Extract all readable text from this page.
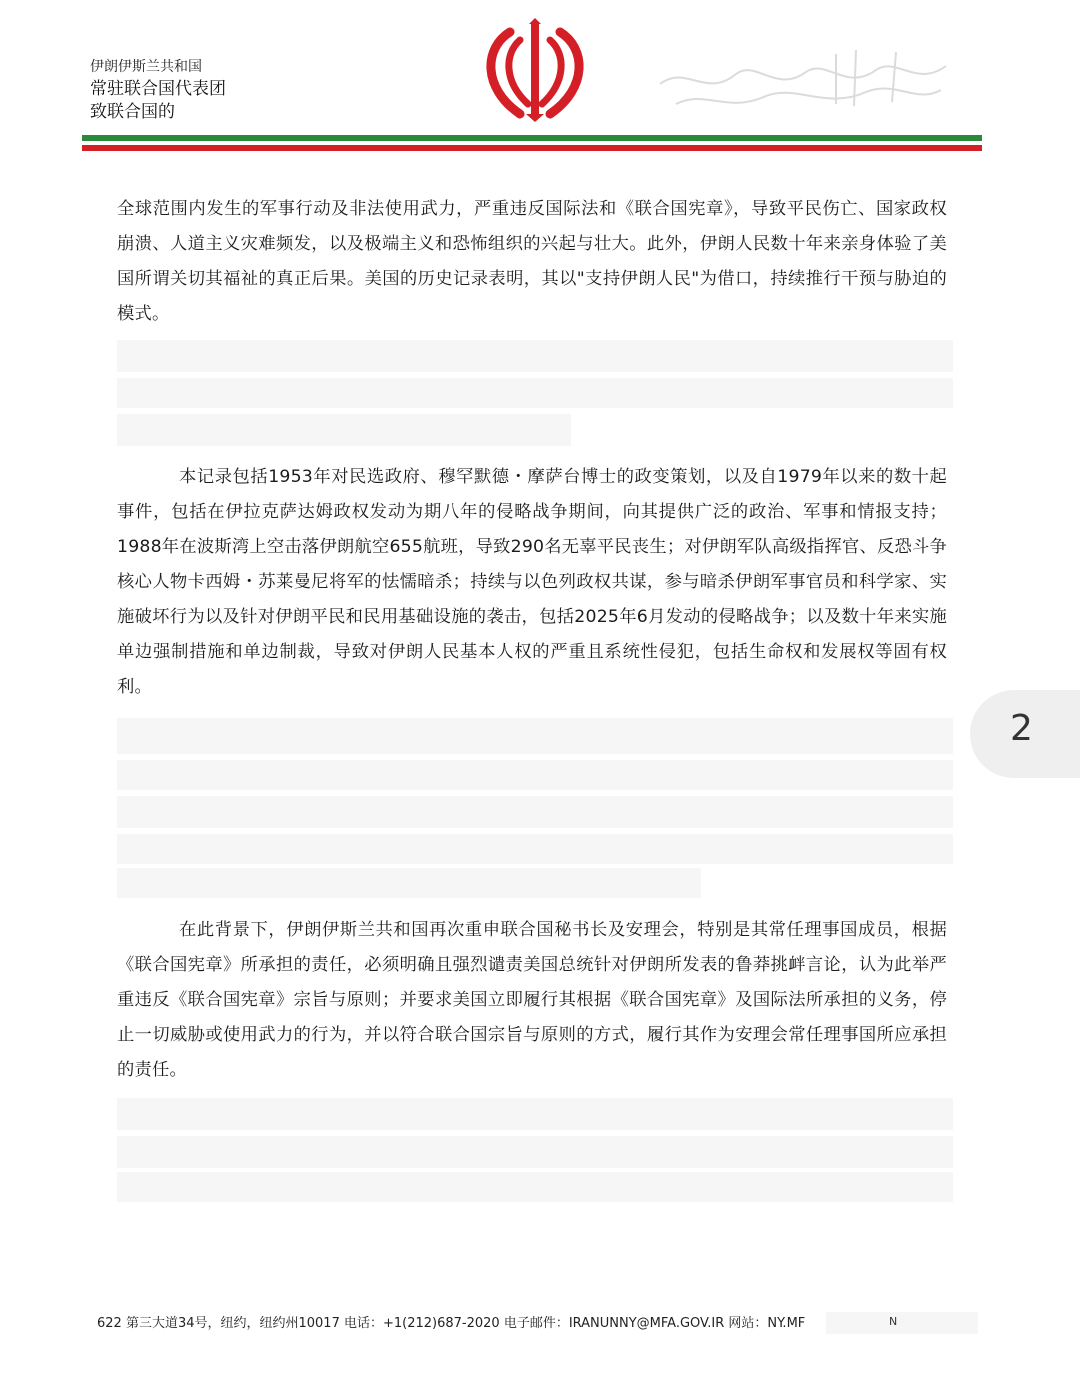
伊朗伊斯兰共和国
常驻联合国代表团
致联合国的

全球范围内发生的军事行动及非法使用武力，严重违反国际法和《联合国宪章》，导致平民伤亡、国家政权崩溃、人道主义灾难频发，以及极端主义和恐怖组织的兴起与壮大。此外，伊朗人民数十年来亲身体验了美国所谓关切其福祉的真正后果。美国的历史记录表明，其以"支持伊朗人民"为借口，持续推行干预与胁迫的模式。

本记录包括1953年对民选政府、穆罕默德・摩萨台博士的政变策划，以及自1979年以来的数十起事件，包括在伊拉克萨达姆政权发动为期八年的侵略战争期间，向其提供广泛的政治、军事和情报支持；1988年在波斯湾上空击落伊朗航空655航班，导致290名无辜平民丧生；对伊朗军队高级指挥官、反恐斗争核心人物卡西姆・苏莱曼尼将军的怯懦暗杀；持续与以色列政权共谋，参与暗杀伊朗军事官员和科学家、实施破坏行为以及针对伊朗平民和民用基础设施的袭击，包括2025年6月发动的侵略战争；以及数十年来实施单边强制措施和单边制裁，导致对伊朗人民基本人权的严重且系统性侵犯，包括生命权和发展权等固有权利。

在此背景下，伊朗伊斯兰共和国再次重申联合国秘书长及安理会，特别是其常任理事国成员，根据《联合国宪章》所承担的责任，必须明确且强烈谴责美国总统针对伊朗所发表的鲁莽挑衅言论，认为此举严重违反《联合国宪章》宗旨与原则；并要求美国立即履行其根据《联合国宪章》及国际法所承担的义务，停止一切威胁或使用武力的行为，并以符合联合国宗旨与原则的方式，履行其作为安理会常任理事国所应承担的责任。

2
622 第三大道34号，纽约，纽约州10017 电话：+1(212)687-2020 电子邮件：IRANUNNY@MFA.GOV.IR 网站：NY.MF	N
